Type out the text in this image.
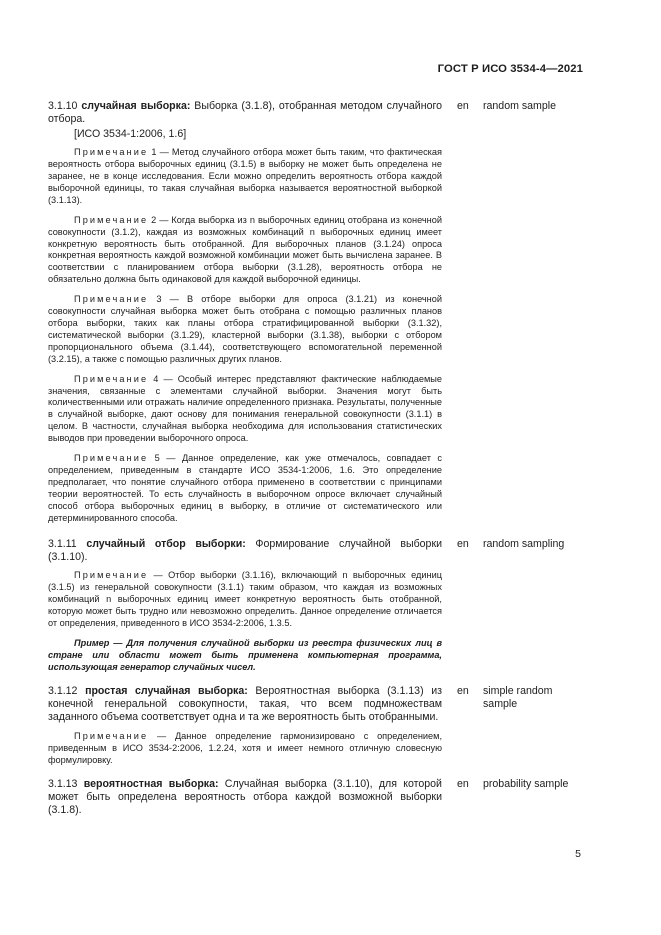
ГОСТ Р ИСО 3534-4—2021
3.1.10 случайная выборка: Выборка (3.1.8), отобранная методом случайного отбора.
[ИСО 3534-1:2006, 1.6]
en random sample

Примечание 1 — Метод случайного отбора может быть таким, что фактическая вероятность отбора выборочных единиц (3.1.5) в выборку не может быть определена не заранее, не в конце исследования. Если можно определить вероятность отбора каждой выборочной единицы, то такая случайная выборка называется вероятностной выборкой (3.1.13).

Примечание 2 — Когда выборка из n выборочных единиц отобрана из конечной совокупности (3.1.2), каждая из возможных комбинаций n выборочных единиц имеет конкретную вероятность быть отобранной. Для выборочных планов (3.1.24) опроса конкретная вероятность каждой возможной комбинации может быть вычислена заранее. В соответствии с планированием отбора выборки (3.1.28), вероятность отбора не обязательно должна быть одинаковой для каждой выборочной единицы.

Примечание 3 — В отборе выборки для опроса (3.1.21) из конечной совокупности случайная выборка может быть отобрана с помощью различных планов отбора выборки, таких как планы отбора стратифицированной выборки (3.1.32), систематической выборки (3.1.29), кластерной выборки (3.1.38), выборки с отбором пропорционального объема (3.1.44), соответствующего вспомогательной переменной (3.2.15), а также с помощью различных других планов.

Примечание 4 — Особый интерес представляют фактические наблюдаемые значения, связанные с элементами случайной выборки. Значения могут быть количественными или отражать наличие определенного признака. Результаты, полученные в случайной выборке, дают основу для понимания генеральной совокупности (3.1.1) в целом. В частности, случайная выборка необходима для использования статистических выводов при проведении выборочного опроса.

Примечание 5 — Данное определение, как уже отмечалось, совпадает с определением, приведенным в стандарте ИСО 3534-1:2006, 1.6. Это определение предполагает, что понятие случайного отбора применено в соответствии с принципами теории вероятностей. То есть случайность в выборочном опросе включает случайный способ отбора выборочных единиц в выборку, в отличие от систематического или детерминированного способа.

3.1.11 случайный отбор выборки: Формирование случайной выборки (3.1.10).
en random sampling

Примечание — Отбор выборки (3.1.16), включающий n выборочных единиц (3.1.5) из генеральной совокупности (3.1.1) таким образом, что каждая из возможных комбинаций n выборочных единиц имеет конкретную вероятность быть отобранной, которую может быть трудно или невозможно определить. Данное определение отличается от определения, приведенного в ИСО 3534-2:2006, 1.3.5.

Пример — Для получения случайной выборки из реестра физических лиц в стране или области может быть применена компьютерная программа, использующая генератор случайных чисел.

3.1.12 простая случайная выборка: Вероятностная выборка (3.1.13) из конечной генеральной совокупности, такая, что всем подмножествам заданного объема соответствует одна и та же вероятность быть отобранными.
en simple random sample

Примечание — Данное определение гармонизировано с определением, приведенным в ИСО 3534-2:2006, 1.2.24, хотя и имеет немного отличную словесную формулировку.

3.1.13 вероятностная выборка: Случайная выборка (3.1.10), для которой может быть определена вероятность отбора каждой возможной выборки (3.1.8).
en probability sample
5
